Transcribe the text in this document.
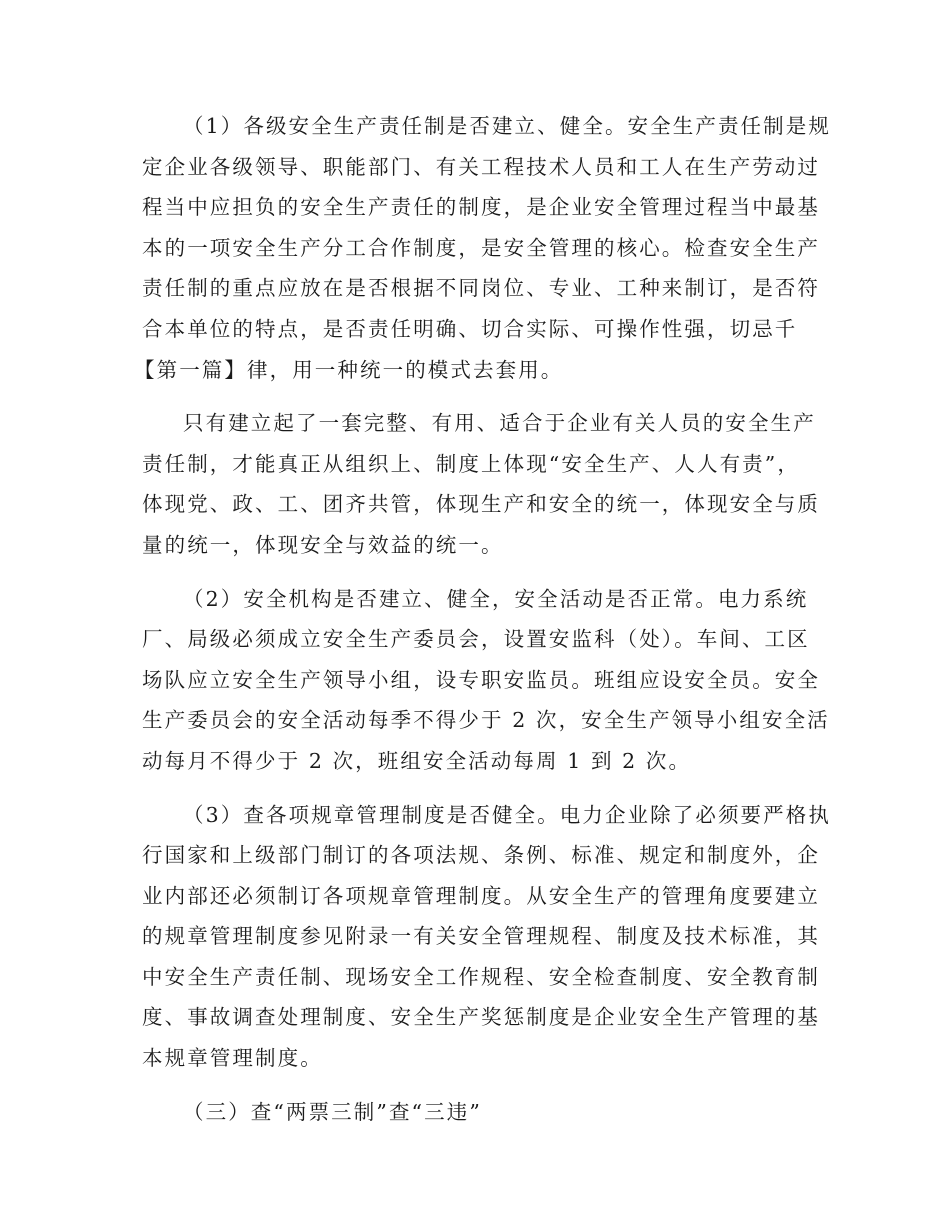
（1）各级安全生产责任制是否建立、健全。安全生产责任制是规
定企业各级领导、职能部门、有关工程技术人员和工人在生产劳动过
程当中应担负的安全生产责任的制度，是企业安全管理过程当中最基
本的一项安全生产分工合作制度，是安全管理的核心。检查安全生产
责任制的重点应放在是否根据不同岗位、专业、工种来制订，是否符
合本单位的特点，是否责任明确、切合实际、可操作性强，切忌千
【第一篇】律，用一种统一的模式去套用。
只有建立起了一套完整、有用、适合于企业有关人员的安全生产
责任制，才能真正从组织上、制度上体现“安全生产、人人有责”，
体现党、政、工、团齐共管，体现生产和安全的统一，体现安全与质
量的统一，体现安全与效益的统一。
（2）安全机构是否建立、健全，安全活动是否正常。电力系统
厂、局级必须成立安全生产委员会，设置安监科（处）。车间、工区
场队应立安全生产领导小组，设专职安监员。班组应设安全员。安全
生产委员会的安全活动每季不得少于 2 次，安全生产领导小组安全活
动每月不得少于 2 次，班组安全活动每周 1 到 2 次。
（3）查各项规章管理制度是否健全。电力企业除了必须要严格执
行国家和上级部门制订的各项法规、条例、标准、规定和制度外，企
业内部还必须制订各项规章管理制度。从安全生产的管理角度要建立
的规章管理制度参见附录一有关安全管理规程、制度及技术标准，其
中安全生产责任制、现场安全工作规程、安全检查制度、安全教育制
度、事故调查处理制度、安全生产奖惩制度是企业安全生产管理的基
本规章管理制度。
（三）查“两票三制”查“三违”
